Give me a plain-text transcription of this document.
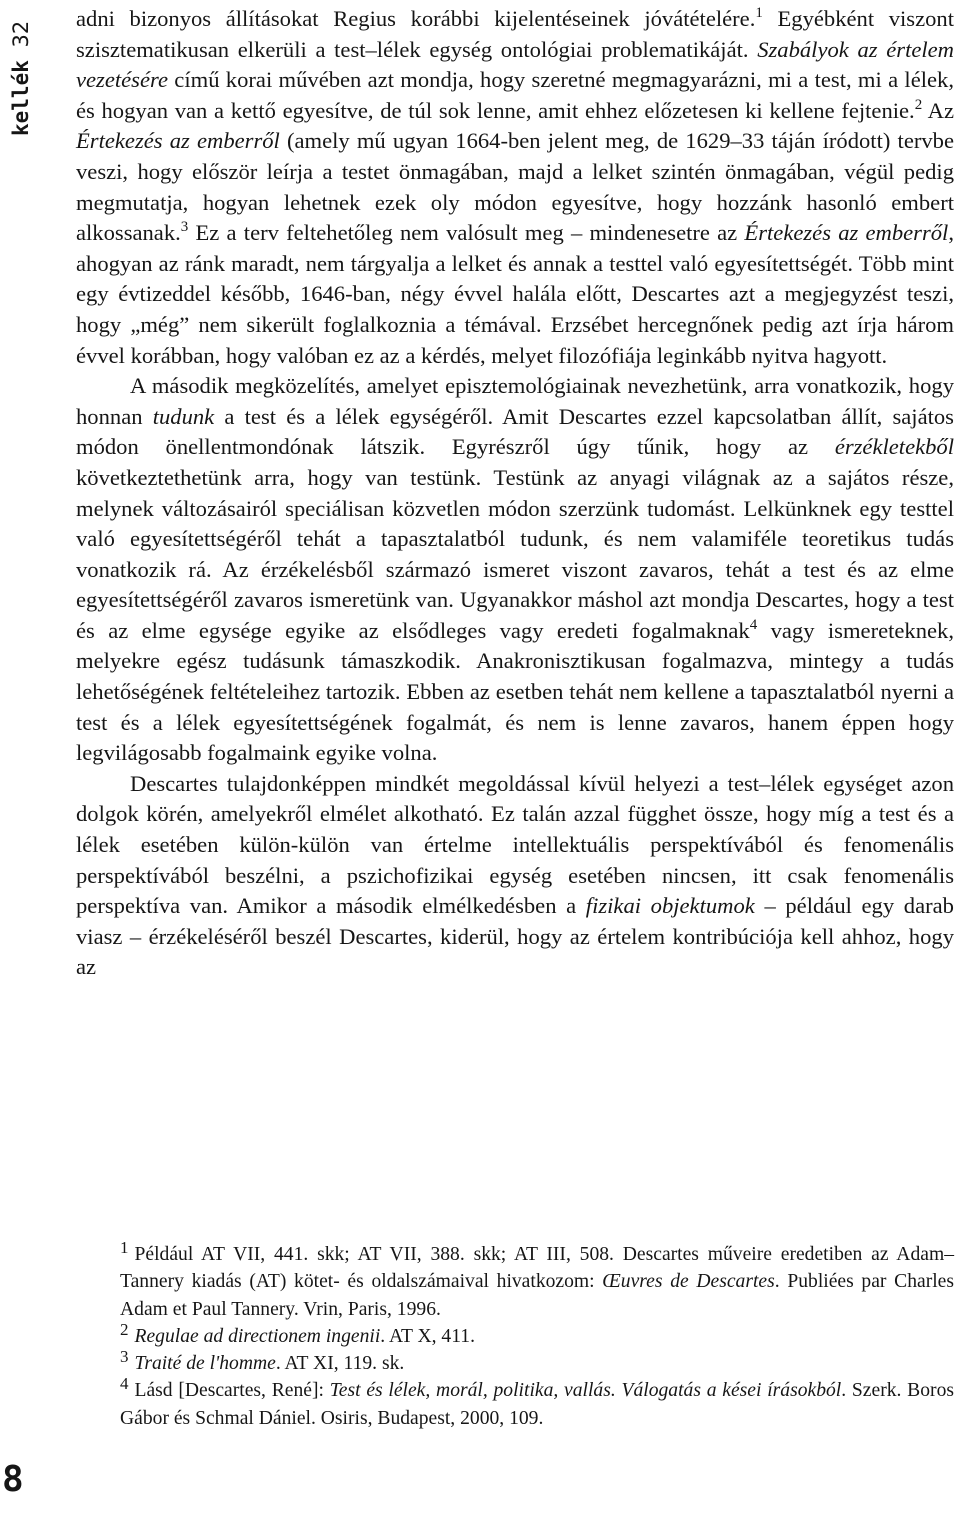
kellék 32

adni bizonyos állításokat Regius korábbi kijelentéseinek jóvátételére.$^1$ Egyébként viszont szisztematikusan elkerüli a test–lélek egység ontológiai problematikáját. Szabályok az értelem vezetésére című korai művében azt mondja, hogy szeretné megmagyarázni, mi a test, mi a lélek, és hogyan van a kettő egyesítve, de túl sok lenne, amit ehhez előzetesen ki kellene fejtenie.$^2$ Az Értekezés az emberről (amely mű ugyan 1664-ben jelent meg, de 1629–33 táján íródott) tervbe veszi, hogy először leírja a testet önmagában, majd a lelket szintén önmagában, végül pedig megmutatja, hogyan lehetnek ezek oly módon egyesítve, hogy hozzánk hasonló embert alkossanak.$^3$ Ez a terv feltehetőleg nem valósult meg – mindenesetre az Értekezés az emberről, ahogyan az ránk maradt, nem tárgyalja a lelket és annak a testtel való egyesítettségét. Több mint egy évtizeddel később, 1646-ban, négy évvel halála előtt, Descartes azt a megjegyzést teszi, hogy „még” nem sikerült foglalkoznia a témával. Erzsébet hercegnőnek pedig azt írja három évvel korábban, hogy valóban ez az a kérdés, melyet filozófiája leginkább nyitva hagyott.

A második megközelítés, amelyet episztemológiainak nevezhetünk, arra vonatkozik, hogy honnan tudunk a test és a lélek egységéről. Amit Descartes ezzel kapcsolatban állít, sajátos módon önellentmondónak látszik. Egyrészről úgy tűnik, hogy az érzékletekből következtethetünk arra, hogy van testünk. Testünk az anyagi világnak az a sajátos része, melynek változásairól speciálisan közvetlen módon szerzünk tudomást. Lelkünknek egy testtel való egyesítettségéről tehát a tapasztalatból tudunk, és nem valamiféle teoretikus tudás vonatkozik rá. Az érzékelésből származó ismeret viszont zavaros, tehát a test és az elme egyesítettségéről zavaros ismeretünk van. Ugyanakkor máshol azt mondja Descartes, hogy a test és az elme egysége egyike az elsődleges vagy eredeti fogalmaknak$^4$ vagy ismereteknek, melyekre egész tudásunk támaszkodik. Anakronisztikusan fogalmazva, mintegy a tudás lehetőségének feltételeihez tartozik. Ebben az esetben tehát nem kellene a tapasztalatból nyerni a test és a lélek egyesítettségének fogalmát, és nem is lenne zavaros, hanem éppen hogy legvilágosabb fogalmaink egyike volna.

Descartes tulajdonképpen mindkét megoldással kívül helyezi a test–lélek egységet azon dolgok körén, amelyekről elmélet alkotható. Ez talán azzal függhet össze, hogy míg a test és a lélek esetében külön-külön van értelme intellektuális perspektívából és fenomenális perspektívából beszélni, a pszichofizikai egység esetében nincsen, itt csak fenomenális perspektíva van. Amikor a második elmélkedésben a fizikai objektumok – például egy darab viasz – érzékeléséről beszél Descartes, kiderül, hogy az értelem kontribúciója kell ahhoz, hogy az

$^1$ Például AT VII, 441. skk; AT VII, 388. skk; AT III, 508. Descartes műveire eredetiben az Adam–Tannery kiadás (AT) kötet- és oldalszámaival hivatkozom: Œuvres de Descartes. Publiées par Charles Adam et Paul Tannery. Vrin, Paris, 1996.

$^2$ Regulae ad directionem ingenii. AT X, 411.

$^3$ Traité de l'homme. AT XI, 119. sk.

$^4$ Lásd [Descartes, René]: Test és lélek, morál, politika, vallás. Válogatás a kései írásokból. Szerk. Boros Gábor és Schmal Dániel. Osiris, Budapest, 2000, 109.

8
